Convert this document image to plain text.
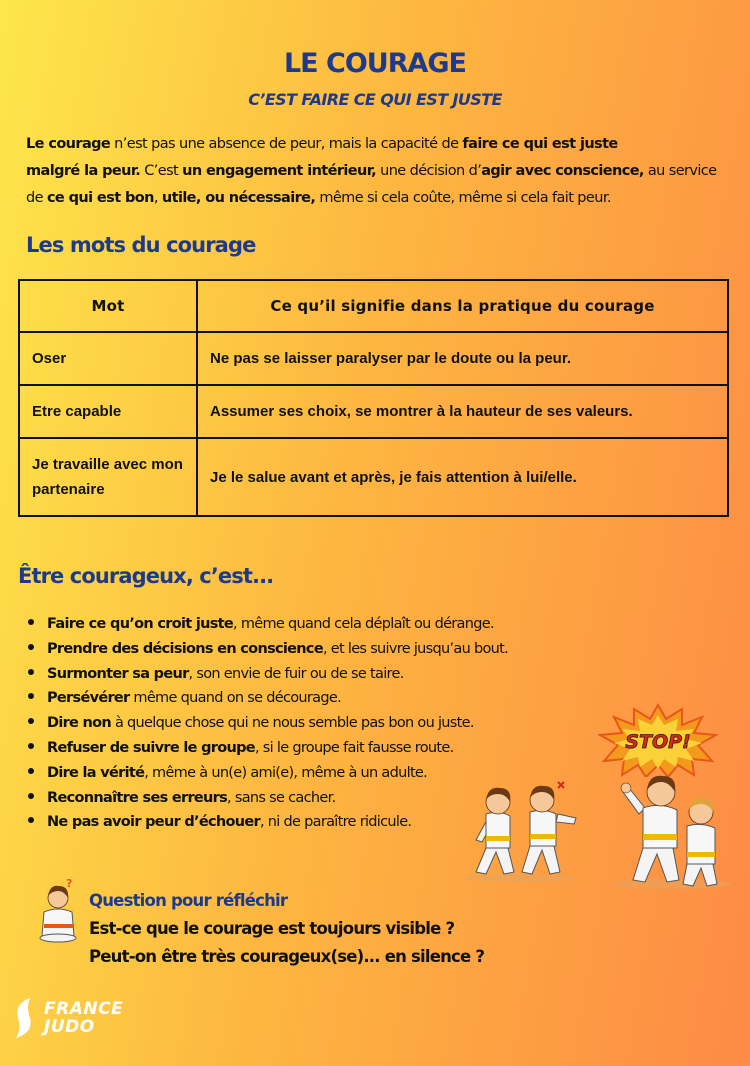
LE COURAGE
C’EST FAIRE CE QUI EST JUSTE
Le courage n’est pas une absence de peur, mais la capacité de faire ce qui est juste
malgré la peur. C’est un engagement intérieur, une décision d’agir avec conscience, au service de ce qui est bon, utile, ou nécessaire, même si cela coûte, même si cela fait peur.
Les mots du courage
Mot	Ce qu’il signifie dans la pratique du courage
Oser	Ne pas se laisser paralyser par le doute ou la peur.
Etre capable	Assumer ses choix, se montrer à la hauteur de ses valeurs.
Je travaille avec mon partenaire	Je le salue avant et après, je fais attention à lui/elle.
Être courageux, c’est...
Faire ce qu’on croit juste, même quand cela déplaît ou dérange.
Prendre des décisions en conscience, et les suivre jusqu’au bout.
Surmonter sa peur, son envie de fuir ou de se taire.
Persévérer même quand on se décourage.
Dire non à quelque chose qui ne nous semble pas bon ou juste.
Refuser de suivre le groupe, si le groupe fait fausse route.
Dire la vérité, même à un(e) ami(e), même à un adulte.
Reconnaître ses erreurs, sans se cacher.
Ne pas avoir peur d’échouer, ni de paraître ridicule.
STOP!
?
Question pour réfléchir
Est-ce que le courage est toujours visible ?
Peut-on être très courageux(se)... en silence ?
FRANCE
JUDO
